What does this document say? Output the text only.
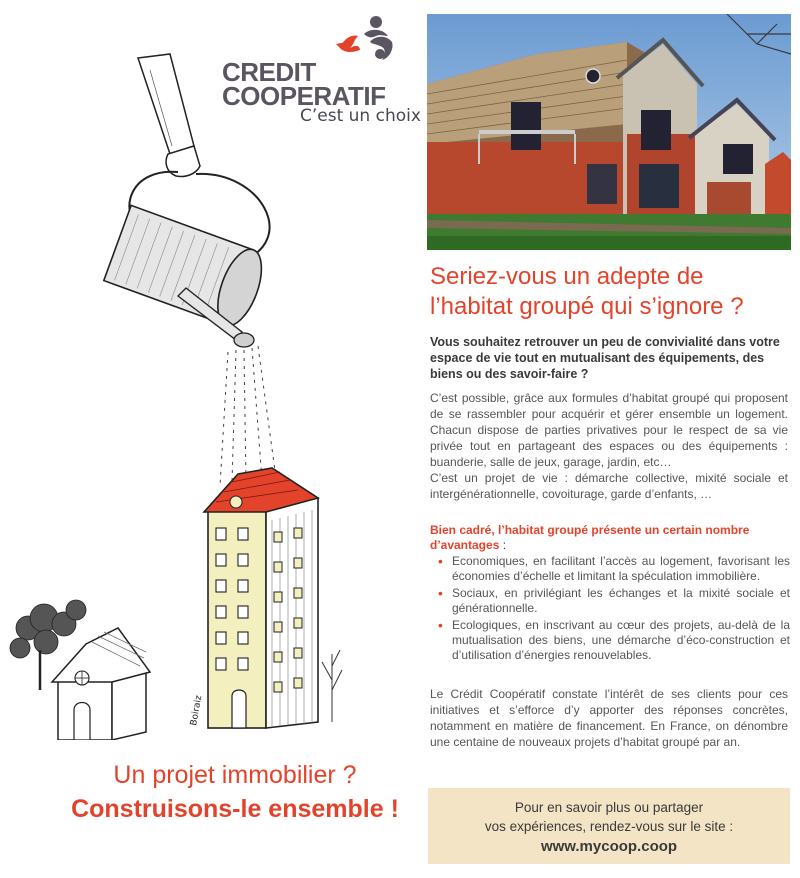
CREDIT
COOPERATIF
C’est un choix
Boiraiz
Un projet immobilier ?
Construisons-le ensemble !
Seriez-vous un adepte de
l’habitat groupé qui s’ignore ?
Vous souhaitez retrouver un peu de convivialité dans votre espace de vie tout en mutualisant des équipements, des biens ou des savoir-faire ?

C’est possible, grâce aux formules d’habitat groupé qui proposent de se rassembler pour acquérir et gérer ensemble un logement. Chacun dispose de parties privatives pour le respect de sa vie privée tout en partageant des espaces ou des équipements : buanderie, salle de jeux, garage, jardin, etc…

C’est un projet de vie : démarche collective, mixité sociale et intergénérationnelle, covoiturage, garde d’enfants, …

Bien cadré, l’habitat groupé présente un certain nombre d’avantages :
• Economiques, en facilitant l’accès au logement, favorisant les économies d’échelle et limitant la spéculation immobilière.
• Sociaux, en privilégiant les échanges et la mixité sociale et générationnelle.
• Ecologiques, en inscrivant au cœur des projets, au-delà de la mutualisation des biens, une démarche d’éco-construction et d’utilisation d’énergies renouvelables.
Le Crédit Coopératif constate l’intérêt de ses clients pour ces initiatives et s’efforce d’y apporter des réponses concrètes, notamment en matière de financement. En France, on dénombre une centaine de nouveaux projets d’habitat groupé par an.
Pour en savoir plus ou partager
vos expériences, rendez-vous sur le site :
www.mycoop.coop
